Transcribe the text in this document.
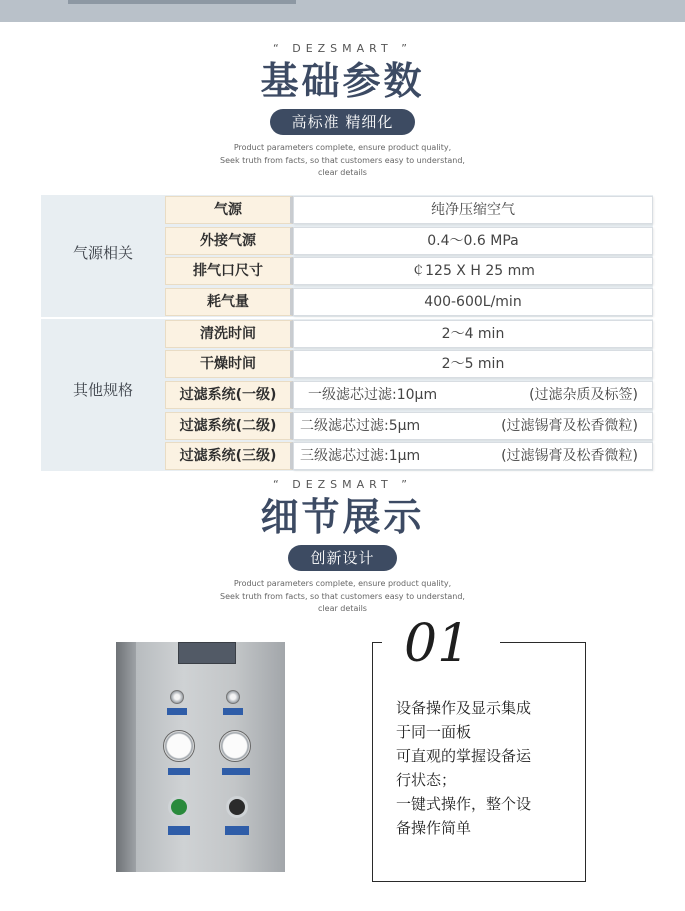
“ DEZSMART ”
基础参数
高标准 精细化
Product parameters complete, ensure product quality,
Seek truth from facts, so that customers easy to understand,
clear details
气源相关
气源	纯净压缩空气
外接气源	0.4～0.6 MPa
排气口尺寸	￠125 X H 25 mm
耗气量	400-600L/min
其他规格
清洗时间	2～4 min
干燥时间	2～5 min
过滤系统(一级)	一级滤芯过滤:10μm	(过滤杂质及标签)
过滤系统(二级)	二级滤芯过滤:5μm	(过滤锡膏及松香微粒)
过滤系统(三级)	三级滤芯过滤:1μm	(过滤锡膏及松香微粒)
“ DEZSMART ”
细节展示
创新设计
Product parameters complete, ensure product quality,
Seek truth from facts, so that customers easy to understand,
clear details
01
设备操作及显示集成
于同一面板
可直观的掌握设备运
行状态；
一键式操作，整个设
备操作简单
